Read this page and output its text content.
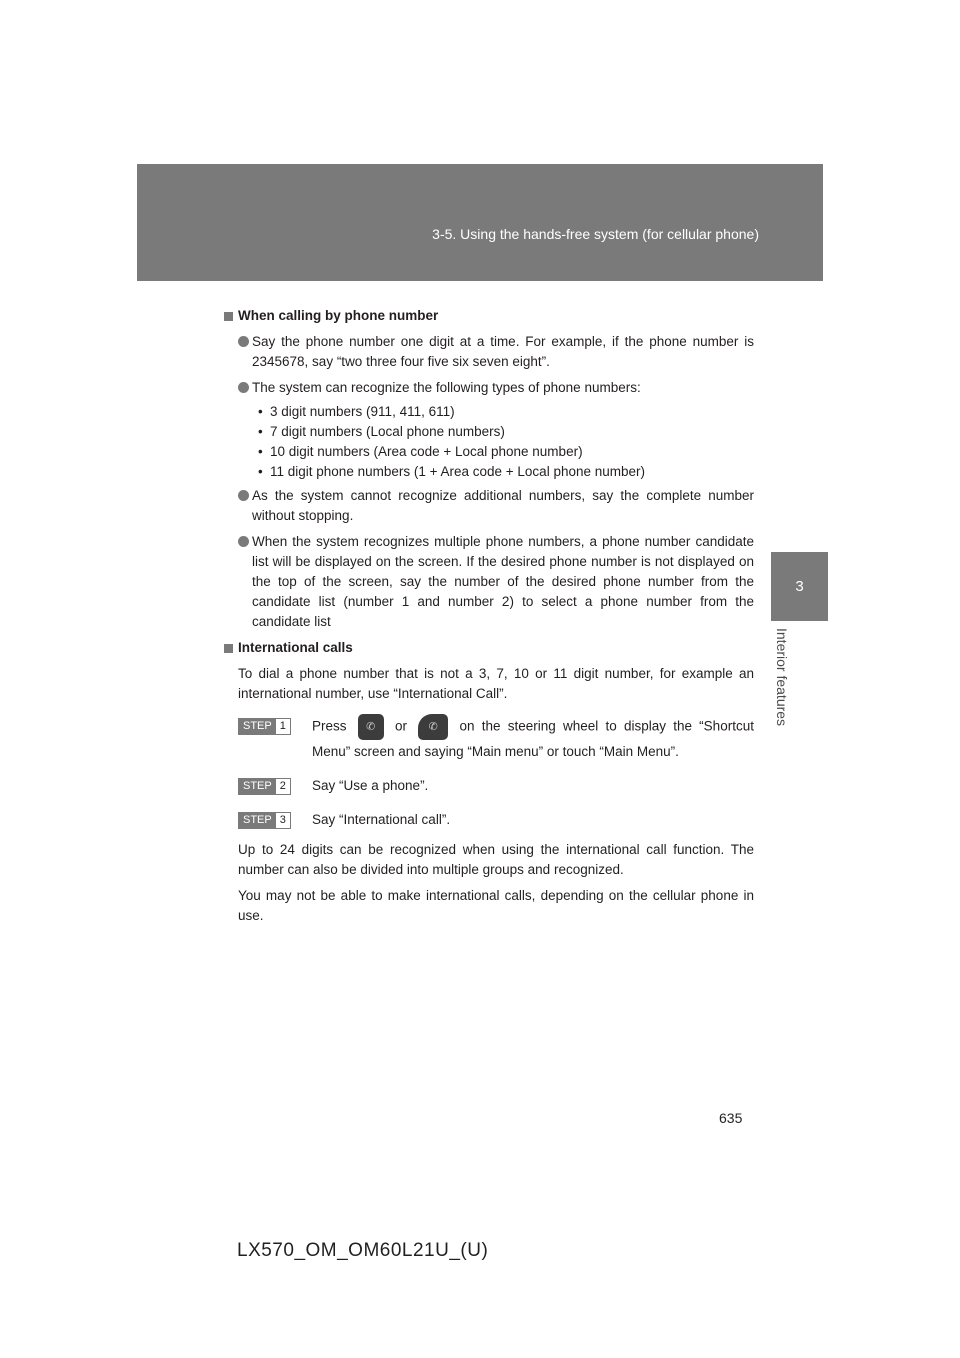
3-5. Using the hands-free system (for cellular phone)
3
Interior features
When calling by phone number
Say the phone number one digit at a time. For example, if the phone number is 2345678, say “two three four five six seven eight”.
The system can recognize the following types of phone numbers:
• 3 digit numbers (911, 411, 611)
• 7 digit numbers (Local phone numbers)
• 10 digit numbers (Area code + Local phone number)
• 11 digit phone numbers (1 + Area code + Local phone number)
As the system cannot recognize additional numbers, say the complete number without stopping.
When the system recognizes multiple phone numbers, a phone number candidate list will be displayed on the screen. If the desired phone number is not displayed on the top of the screen, say the number of the desired phone number from the candidate list (number 1 and number 2) to select a phone number from the candidate list
International calls

To dial a phone number that is not a 3, 7, 10 or 11 digit number, for example an international number, use “International Call”.

STEP 1	Press ✆ or ✆ on the steering wheel to display the “Shortcut Menu” screen and saying “Main menu” or touch “Main Menu”.
STEP 2	Say “Use a phone”.
STEP 3	Say “International call”.

Up to 24 digits can be recognized when using the international call function. The number can also be divided into multiple groups and recognized.

You may not be able to make international calls, depending on the cellular phone in use.

635
LX570_OM_OM60L21U_(U)
